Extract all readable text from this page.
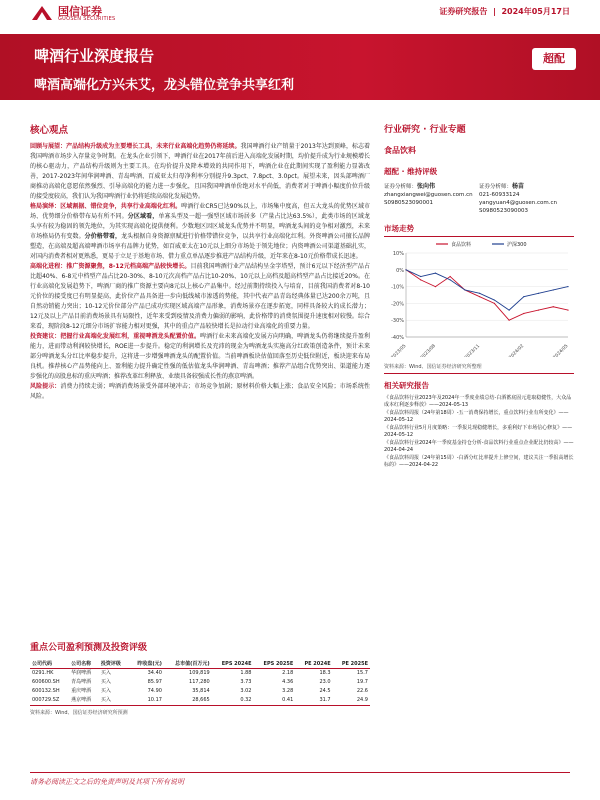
国信证券
GUOSEN SECURITIES
证券研究报告  |  2024年05月17日
啤酒行业深度报告
啤酒高端化方兴未艾，龙头错位竞争共享红利
超配
核心观点

回顾与展望：产品结构升级成为主要增长工具，未来行业高端化趋势仍将延续。我国啤酒行业产销量于2013年达到顶峰，标志着我国啤酒市场步入存量竞争时期。在龙头企业引领下，啤酒行业在2017年前后进入高端化发展时期，均价提升成为行业规模增长的核心驱动力，产品结构升级则为主要工具。在均价提升及降本增效的共同作用下，啤酒企业在此期间实现了盈利能力显著改善，2017-2023年间华润啤酒、青岛啤酒、百威亚太归母净利率分别提升9.3pct、7.8pct、3.0pct。展望未来，因头部啤酒厂商推动高端化意愿依然强烈、引导高端化的能力进一步强化，且国我国啤酒单价绝对水平尚低，消费者对于啤酒小幅度价位升级的接受度较高，我们认为我国啤酒行业仍将延续高端化发展趋势。

格局演绎：区域割据、错位竞争，共享行业高端化红利。啤酒行业CR5已达90%以上，市场集中度高，但五大龙头的优势区域市场、优势细分价格带布局有所不同。分区域看，单寡头型及一超一强型区域市场居多（产量占比达63.5%），此类市场的区域龙头享有较为稳固的领先地位，为其实现高端化提供便利。少数地区因区域龙头优势并不明显，啤酒龙头间的竞争相对激烈，未来市场格局仍有变数。分价格带看，龙头根据自身资源禀赋进行价格带错位竞争，以共享行业高端化红利。外资啤酒公司擅长品牌塑造，在高端及超高端啤酒市场享有品牌力优势，如百威亚太在10元以上细分市场处于领先地位；内资啤酒公司渠道基础扎实，对国内消费者相对更熟悉，更易于立足于基地市场、借力重点单品逐步推进产品结构升级，近年来在8-10元价格带成长迅速。

高端化进程：推广资源聚焦，8-12元档高端产品较快增长。目前我国啤酒行业产品结构呈金字塔型，预计6元以下经济型产品占比超40%、6-8元中档型产品占比20-30%、8-10元次高档产品占比10-20%、10元以上高档及超高档型产品占比接近20%。在行业高端化发展趋势下，啤酒厂商的推广资源主要向8元以上核心产品集中。经过前期持续投入与培育，目前我国消费者对8-10元价位的接受度已有明显提高，此价位产品具备进一步向低线城市渗透的势能，其中代表产品青岛经典体量已达200余万吨，且自然动销能力突出；10-12元价位部分产品已成功实现区域高端产品形象，消费场景亦在逐步拓宽，同样具备较大的成长潜力；12元及以上产品目前消费场景具有局限性，近年来受到疫情及消费力偏弱的影响，此价格带的消费氛围提升速度相对较慢。综合来看，现阶段8-12元细分市场扩容能力相对更强，其中的重点产品较快增长是拉动行业高端化的重要力量。

投资建议：把握行业高端化发展红利，重视啤酒龙头配置价值。啤酒行业未来高端化发展方向明确，啤酒龙头仍将继续提升盈利能力，进而带动利润较快增长，ROE进一步提升。稳定的利润增长及充沛的现金为啤酒龙头实施高分红政策创造条件，预计未来部分啤酒龙头分红比率稳步提升，这将进一步增强啤酒龙头的配置价值。当前啤酒板块估值回落至历史低位附近，板块迎来布局良机。推荐核心产品势能向上、盈利能力提升确定性强的低估值龙头华润啤酒、青岛啤酒；推荐产品组合优势突出、渠道能力逐步强化的高股息标的重庆啤酒；推荐改革红利释放、业绩具备较强成长性的燕京啤酒。

风险提示：消费力持续走弱；啤酒消费场景受外部环境冲击；市场竞争加剧；原材料价格大幅上涨；食品安全风险；市场系统性风险。

行业研究 · 行业专题
食品饮料
超配 · 维持评级
证券分析师：张向伟
zhangxiangwei@guosen.com.cn
S0980523090001
证券分析师：杨苗
021-60933124
yangyuan4@guosen.com.cn
S0980523090003
市场走势
10%
0%
-10%
-20%
-30%
-40%
2023/05	2023/08	2023/11	2024/02	2024/05
食品饮料	沪深300
资料来源：Wind、国信证券经济研究所整理
相关研究报告
《食品饮料行业2023年及2024年一季度业绩总结-白酒蓄底固元进取稳健性，大众品成本红利逐步释放》——2024-05-13
《食品饮料周报（24年第18周）-五一消费保持增长，重点饮料行业有所变化》——2024-05-12
《食品饮料行业5月月度策略：一季报兑现稳健增长，多重利好下市场信心修复》——2024-05-12
《食品饮料行业2024年一季度基金持仓分析-食品饮料行业重点企业配比仍较高》——2024-04-24
《食品饮料周报（24年第15周）-白酒分红比率提升上修空间，建议关注一季报高增长标的》——2024-04-22
重点公司盈利预测及投资评级
公司代码	公司名称	投资评级	昨收盘(元)	总市值(百万元)	EPS 2024E	EPS 2025E	PE 2024E	PE 2025E
0291.HK	华润啤酒	买入	34.40	109,819	1.88	2.18	18.3	15.7
600600.SH	青岛啤酒	买入	85.97	117,280	3.73	4.36	23.0	19.7
600132.SH	重庆啤酒	买入	74.90	35,814	3.02	3.28	24.5	22.6
000729.SZ	燕京啤酒	买入	10.17	28,665	0.32	0.41	31.7	24.9
资料来源：Wind、国信证券经济研究所预测
请务必阅读正文之后的免责声明及其项下所有说明
